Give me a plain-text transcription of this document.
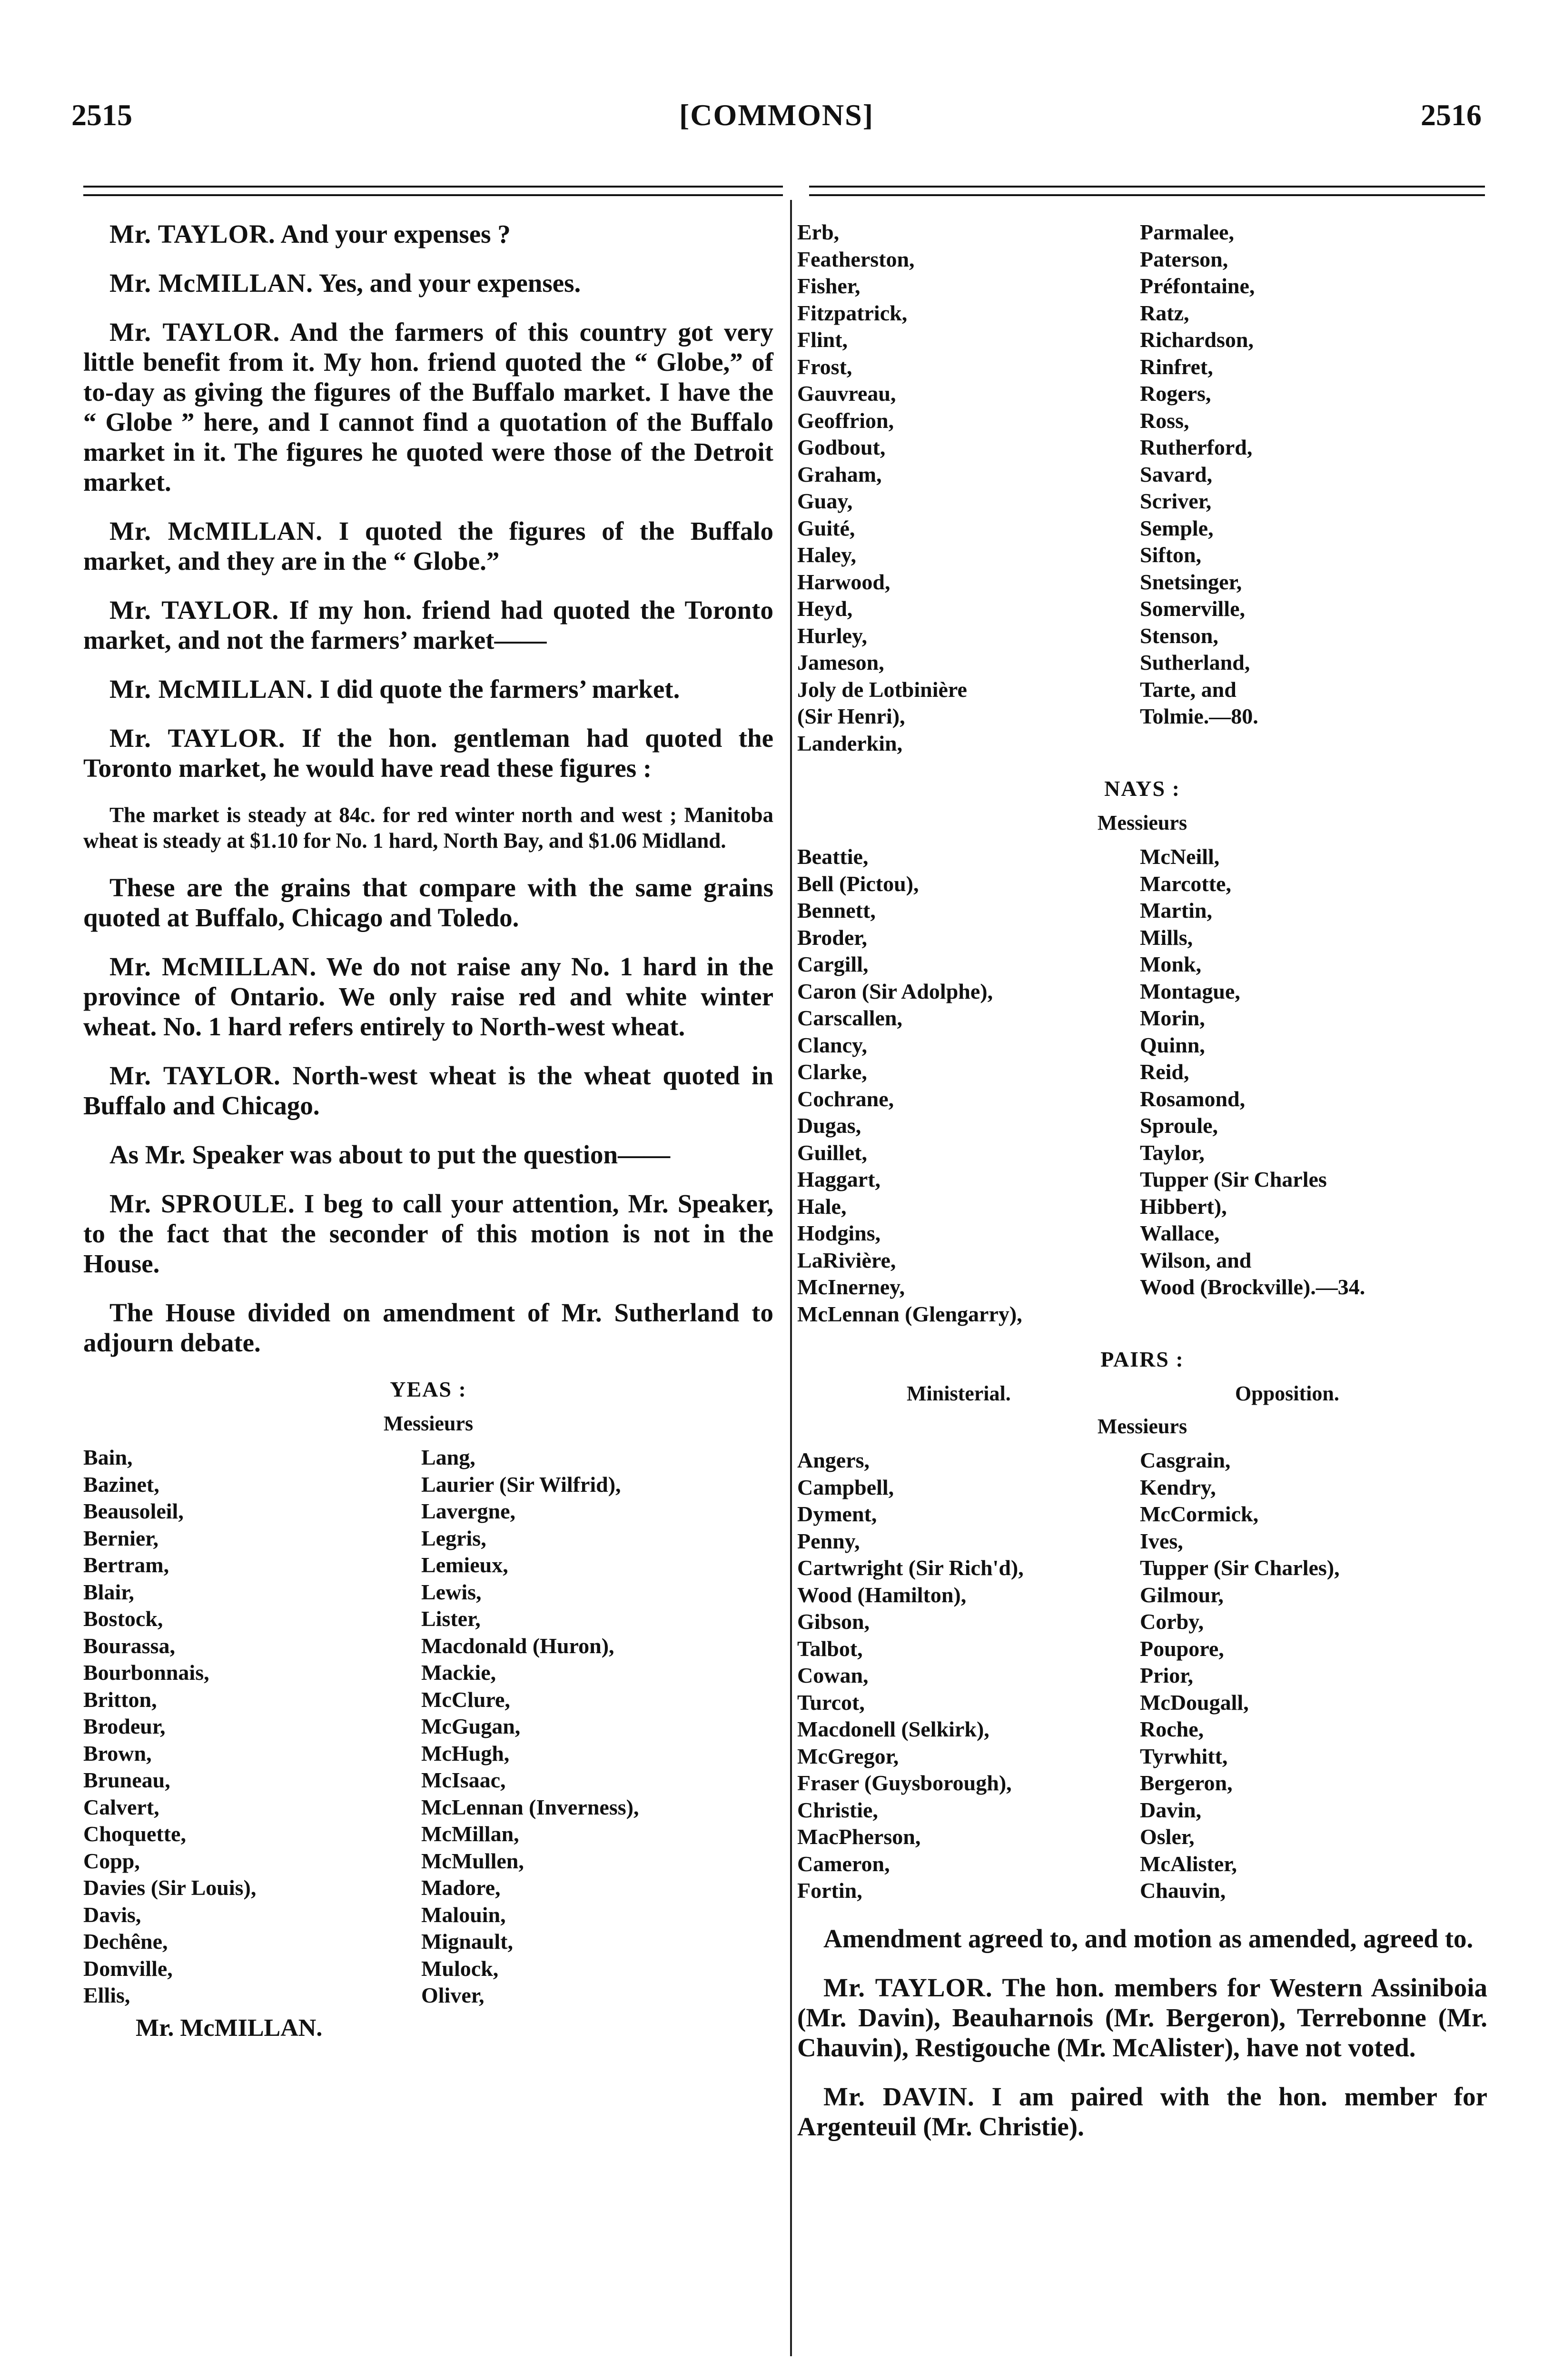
2515	[COMMONS]	2516

Mr. TAYLOR. And your expenses ?

Mr. McMILLAN. Yes, and your expenses.

Mr. TAYLOR. And the farmers of this country got very little benefit from it. My hon. friend quoted the “ Globe,” of to-day as giving the figures of the Buffalo market. I have the “ Globe ” here, and I cannot find a quotation of the Buffalo market in it. The figures he quoted were those of the Detroit market.

Mr. McMILLAN. I quoted the figures of the Buffalo market, and they are in the “ Globe.”

Mr. TAYLOR. If my hon. friend had quoted the Toronto market, and not the farmers’ market——

Mr. McMILLAN. I did quote the farmers’ market.

Mr. TAYLOR. If the hon. gentleman had quoted the Toronto market, he would have read these figures :

The market is steady at 84c. for red winter north and west ; Manitoba wheat is steady at $1.10 for No. 1 hard, North Bay, and $1.06 Midland.

These are the grains that compare with the same grains quoted at Buffalo, Chicago and Toledo.

Mr. McMILLAN. We do not raise any No. 1 hard in the province of Ontario. We only raise red and white winter wheat. No. 1 hard refers entirely to North-west wheat.

Mr. TAYLOR. North-west wheat is the wheat quoted in Buffalo and Chicago.

As Mr. Speaker was about to put the question——

Mr. SPROULE. I beg to call your attention, Mr. Speaker, to the fact that the seconder of this motion is not in the House.

The House divided on amendment of Mr. Sutherland to adjourn debate.

YEAS :
Messieurs
Bain,	Lang,
Bazinet,	Laurier (Sir Wilfrid),
Beausoleil,	Lavergne,
Bernier,	Legris,
Bertram,	Lemieux,
Blair,	Lewis,
Bostock,	Lister,
Bourassa,	Macdonald (Huron),
Bourbonnais,	Mackie,
Britton,	McClure,
Brodeur,	McGugan,
Brown,	McHugh,
Bruneau,	McIsaac,
Calvert,	McLennan (Inverness),
Choquette,	McMillan,
Copp,	McMullen,
Davies (Sir Louis),	Madore,
Davis,	Malouin,
Dechêne,	Mignault,
Domville,	Mulock,
Ellis,	Oliver,
Mr. McMILLAN.
Erb,	Parmalee,
Featherston,	Paterson,
Fisher,	Préfontaine,
Fitzpatrick,	Ratz,
Flint,	Richardson,
Frost,	Rinfret,
Gauvreau,	Rogers,
Geoffrion,	Ross,
Godbout,	Rutherford,
Graham,	Savard,
Guay,	Scriver,
Guité,	Semple,
Haley,	Sifton,
Harwood,	Snetsinger,
Heyd,	Somerville,
Hurley,	Stenson,
Jameson,	Sutherland,
Joly de Lotbinière	Tarte, and
(Sir Henri),	Tolmie.—80.
Landerkin,
NAYS :
Messieurs
Beattie,	McNeill,
Bell (Pictou),	Marcotte,
Bennett,	Martin,
Broder,	Mills,
Cargill,	Monk,
Caron (Sir Adolphe),	Montague,
Carscallen,	Morin,
Clancy,	Quinn,
Clarke,	Reid,
Cochrane,	Rosamond,
Dugas,	Sproule,
Guillet,	Taylor,
Haggart,	Tupper (Sir Charles
Hale,	Hibbert),
Hodgins,	Wallace,
LaRivière,	Wilson, and
McInerney,	Wood (Brockville).—34.
McLennan (Glengarry),
PAIRS :
Ministerial.	Opposition.
Messieurs
Angers,	Casgrain,
Campbell,	Kendry,
Dyment,	McCormick,
Penny,	Ives,
Cartwright (Sir Rich'd),	Tupper (Sir Charles),
Wood (Hamilton),	Gilmour,
Gibson,	Corby,
Talbot,	Poupore,
Cowan,	Prior,
Turcot,	McDougall,
Macdonell (Selkirk),	Roche,
McGregor,	Tyrwhitt,
Fraser (Guysborough),	Bergeron,
Christie,	Davin,
MacPherson,	Osler,
Cameron,	McAlister,
Fortin,	Chauvin,

Amendment agreed to, and motion as amended, agreed to.

Mr. TAYLOR. The hon. members for Western Assiniboia (Mr. Davin), Beauharnois (Mr. Bergeron), Terrebonne (Mr. Chauvin), Restigouche (Mr. McAlister), have not voted.

Mr. DAVIN. I am paired with the hon. member for Argenteuil (Mr. Christie).
